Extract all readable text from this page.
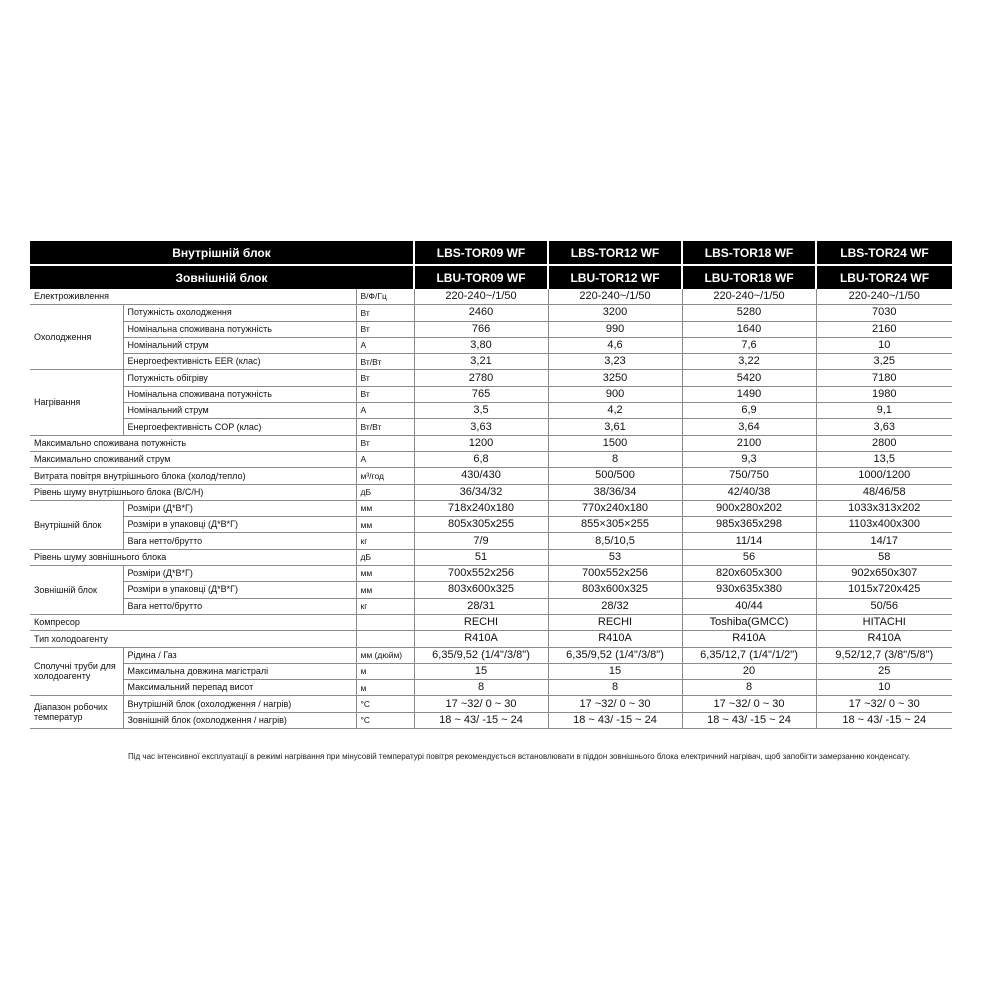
Внутрішній блок			LBS-TOR09 WF	LBS-TOR12 WF	LBS-TOR18 WF	LBS-TOR24 WF
Зовнішній блок			LBU-TOR09 WF	LBU-TOR12 WF	LBU-TOR18 WF	LBU-TOR24 WF
Електроживлення		В/Ф/Гц	220-240~/1/50	220-240~/1/50	220-240~/1/50	220-240~/1/50
Охолодження	Потужність охолодження	Вт	2460	3200	5280	7030
	Номінальна споживана потужність	Вт	766	990	1640	2160
	Номінальний струм	А	3,80	4,6	7,6	10
	Енергоефективність EER (клас)	Вт/Вт	3,21	3,23	3,22	3,25
Нагрівання	Потужність обігріву	Вт	2780	3250	5420	7180
	Номінальна споживана потужність	Вт	765	900	1490	1980
	Номінальний струм	А	3,5	4,2	6,9	9,1
	Енергоефективність COP (клас)	Вт/Вт	3,63	3,61	3,64	3,63
Максимально споживана потужність		Вт	1200	1500	2100	2800
Максимально споживаний струм		А	6,8	8	9,3	13,5
Витрата повітря внутрішнього блока (холод/тепло)		м³/год	430/430	500/500	750/750	1000/1200
Рівень шуму внутрішнього блока (В/С/Н)		дБ	36/34/32	38/36/34	42/40/38	48/46/58
Внутрішній блок	Розміри (Д*В*Г)	мм	718x240x180	770x240x180	900x280x202	1033x313x202
	Розміри в упаковці (Д*В*Г)	мм	805x305x255	855×305×255	985x365x298	1103x400x300
	Вага нетто/брутто	кг	7/9	8,5/10,5	11/14	14/17
Рівень шуму зовнішнього блока		дБ	51	53	56	58
Зовнішній блок	Розміри (Д*В*Г)	мм	700x552x256	700x552x256	820x605x300	902x650x307
	Розміри в упаковці (Д*В*Г)	мм	803x600x325	803x600x325	930x635x380	1015x720x425
	Вага нетто/брутто	кг	28/31	28/32	40/44	50/56
Компресор			RECHI	RECHI	Toshiba(GMCC)	HITACHI
Тип холодоагенту			R410A	R410A	R410A	R410A
Сполучні труби для холодоагенту	Рідина / Газ	мм (дюйм)	6,35/9,52 (1/4"/3/8")	6,35/9,52 (1/4"/3/8")	6,35/12,7 (1/4"/1/2")	9,52/12,7 (3/8"/5/8")
	Максимальна довжина магістралі	м	15	15	20	25
	Максимальний перепад висот	м	8	8	8	10
Діапазон робочих температур	Внутрішній блок (охолодження / нагрів)	°С	17 ~32/ 0 ~ 30	17 ~32/ 0 ~ 30	17 ~32/ 0 ~ 30	17 ~32/ 0 ~ 30
	Зовнішній блок (охолодження / нагрів)	°С	18 ~ 43/ -15 ~ 24	18 ~ 43/ -15 ~ 24	18 ~ 43/ -15 ~ 24	18 ~ 43/ -15 ~ 24
Під час інтенсивної експлуатації в режимі нагрівання при мінусовій температурі повітря рекомендується встановлювати в піддон зовнішнього блока електричний нагрівач, щоб запобігти замерзанню конденсату.
